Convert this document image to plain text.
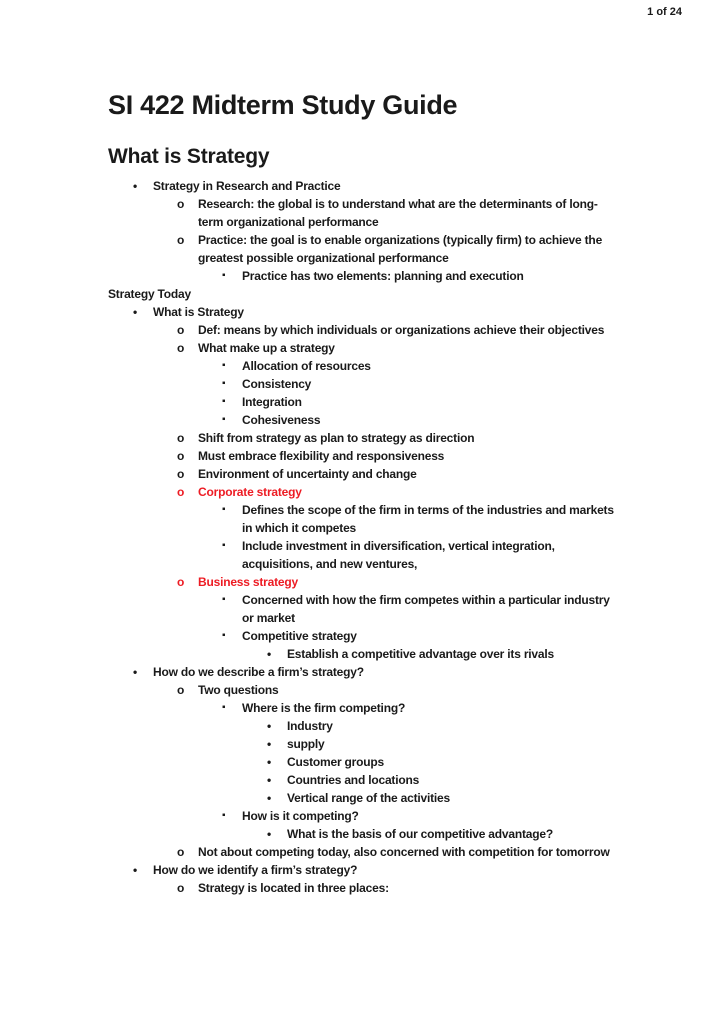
1 of 24
SI 422 Midterm Study Guide
What is Strategy
•	Strategy in Research and Practice
o	Research: the global is to understand what are the determinants of long-term organizational performance
o	Practice: the goal is to enable organizations (typically firm) to achieve the greatest possible organizational performance
▪	Practice has two elements: planning and execution
Strategy Today
•	What is Strategy
o	Def: means by which individuals or organizations achieve their objectives
o	What make up a strategy
▪	Allocation of resources
▪	Consistency
▪	Integration
▪	Cohesiveness
o	Shift from strategy as plan to strategy as direction
o	Must embrace flexibility and responsiveness
o	Environment of uncertainty and change
o	Corporate strategy
▪	Defines the scope of the firm in terms of the industries and markets in which it competes
▪	Include investment in diversification, vertical integration, acquisitions, and new ventures,
o	Business strategy
▪	Concerned with how the firm competes within a particular industry or market
▪	Competitive strategy
•	Establish a competitive advantage over its rivals
•	How do we describe a firm’s strategy?
o	Two questions
▪	Where is the firm competing?
•	Industry
•	supply
•	Customer groups
•	Countries and locations
•	Vertical range of the activities
▪	How is it competing?
•	What is the basis of our competitive advantage?
o	Not about competing today, also concerned with competition for tomorrow
•	How do we identify a firm’s strategy?
o	Strategy is located in three places:
